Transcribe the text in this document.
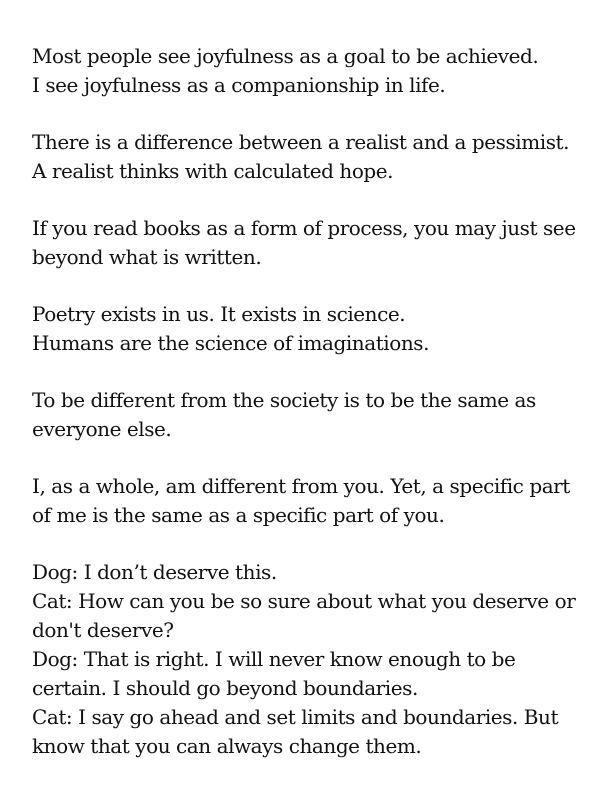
Most people see joyfulness as a goal to be achieved.
I see joyfulness as a companionship in life.

There is a difference between a realist and a pessimist.
A realist thinks with calculated hope.

If you read books as a form of process, you may just see
beyond what is written.

Poetry exists in us. It exists in science.
Humans are the science of imaginations.

To be different from the society is to be the same as
everyone else.

I, as a whole, am different from you. Yet, a specific part
of me is the same as a specific part of you.

Dog: I don’t deserve this.
Cat: How can you be so sure about what you deserve or
don't deserve?
Dog: That is right. I will never know enough to be
certain. I should go beyond boundaries.
Cat: I say go ahead and set limits and boundaries. But
know that you can always change them.
